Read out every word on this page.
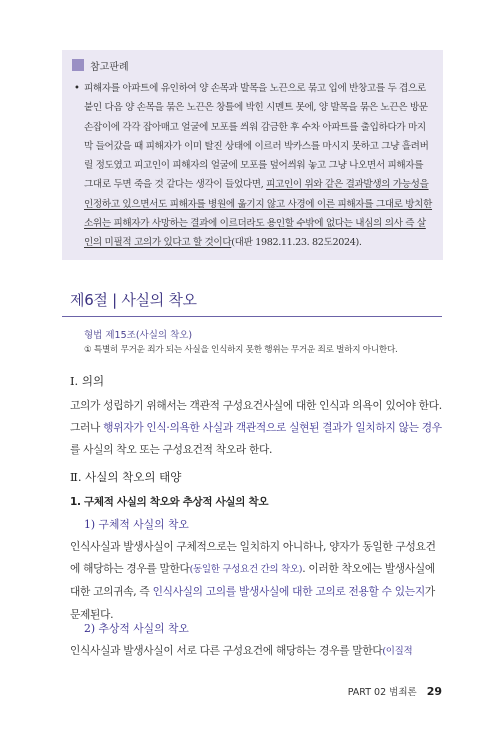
참고판례
• 피해자를 아파트에 유인하여 양 손목과 발목을 노끈으로 묶고 입에 반창고를 두 겹으로 붙인 다음 양 손목을 묶은 노끈은 창틀에 박힌 시멘트 못에, 양 발목을 묶은 노끈은 방문손잡이에 각각 잡아매고 얼굴에 모포를 씌워 감금한 후 수차 아파트를 출입하다가 마지막 들어갔을 때 피해자가 이미 탈진 상태에 이르러 박카스를 마시지 못하고 그냥 흘려버릴 정도였고 피고인이 피해자의 얼굴에 모포를 덮어씌워 놓고 그냥 나오면서 피해자를 그대로 두면 죽을 것 같다는 생각이 들었다면, 피고인이 위와 같은 결과발생의 가능성을 인정하고 있으면서도 피해자를 병원에 옮기지 않고 사경에 이른 피해자를 그대로 방치한 소위는 피해자가 사망하는 결과에 이르더라도 용인할 수밖에 없다는 내심의 의사 즉 살인의 미필적 고의가 있다고 할 것이다(대판 1982.11.23. 82도2024).
제6절 | 사실의 착오
형법 제15조(사실의 착오)
① 특별히 무거운 죄가 되는 사실을 인식하지 못한 행위는 무거운 죄로 벌하지 아니한다.
Ⅰ. 의의
고의가 성립하기 위해서는 객관적 구성요건사실에 대한 인식과 의욕이 있어야 한다. 그러나 행위자가 인식·의욕한 사실과 객관적으로 실현된 결과가 일치하지 않는 경우를 사실의 착오 또는 구성요건적 착오라 한다.
Ⅱ. 사실의 착오의 태양
1. 구체적 사실의 착오와 추상적 사실의 착오
1) 구체적 사실의 착오
인식사실과 발생사실이 구체적으로는 일치하지 아니하나, 양자가 동일한 구성요건에 해당하는 경우를 말한다(동일한 구성요건 간의 착오). 이러한 착오에는 발생사실에 대한 고의귀속, 즉 인식사실의 고의를 발생사실에 대한 고의로 전용할 수 있는지가 문제된다.
2) 추상적 사실의 착오
인식사실과 발생사실이 서로 다른 구성요건에 해당하는 경우를 말한다(이질적
PART 02 범죄론 29
